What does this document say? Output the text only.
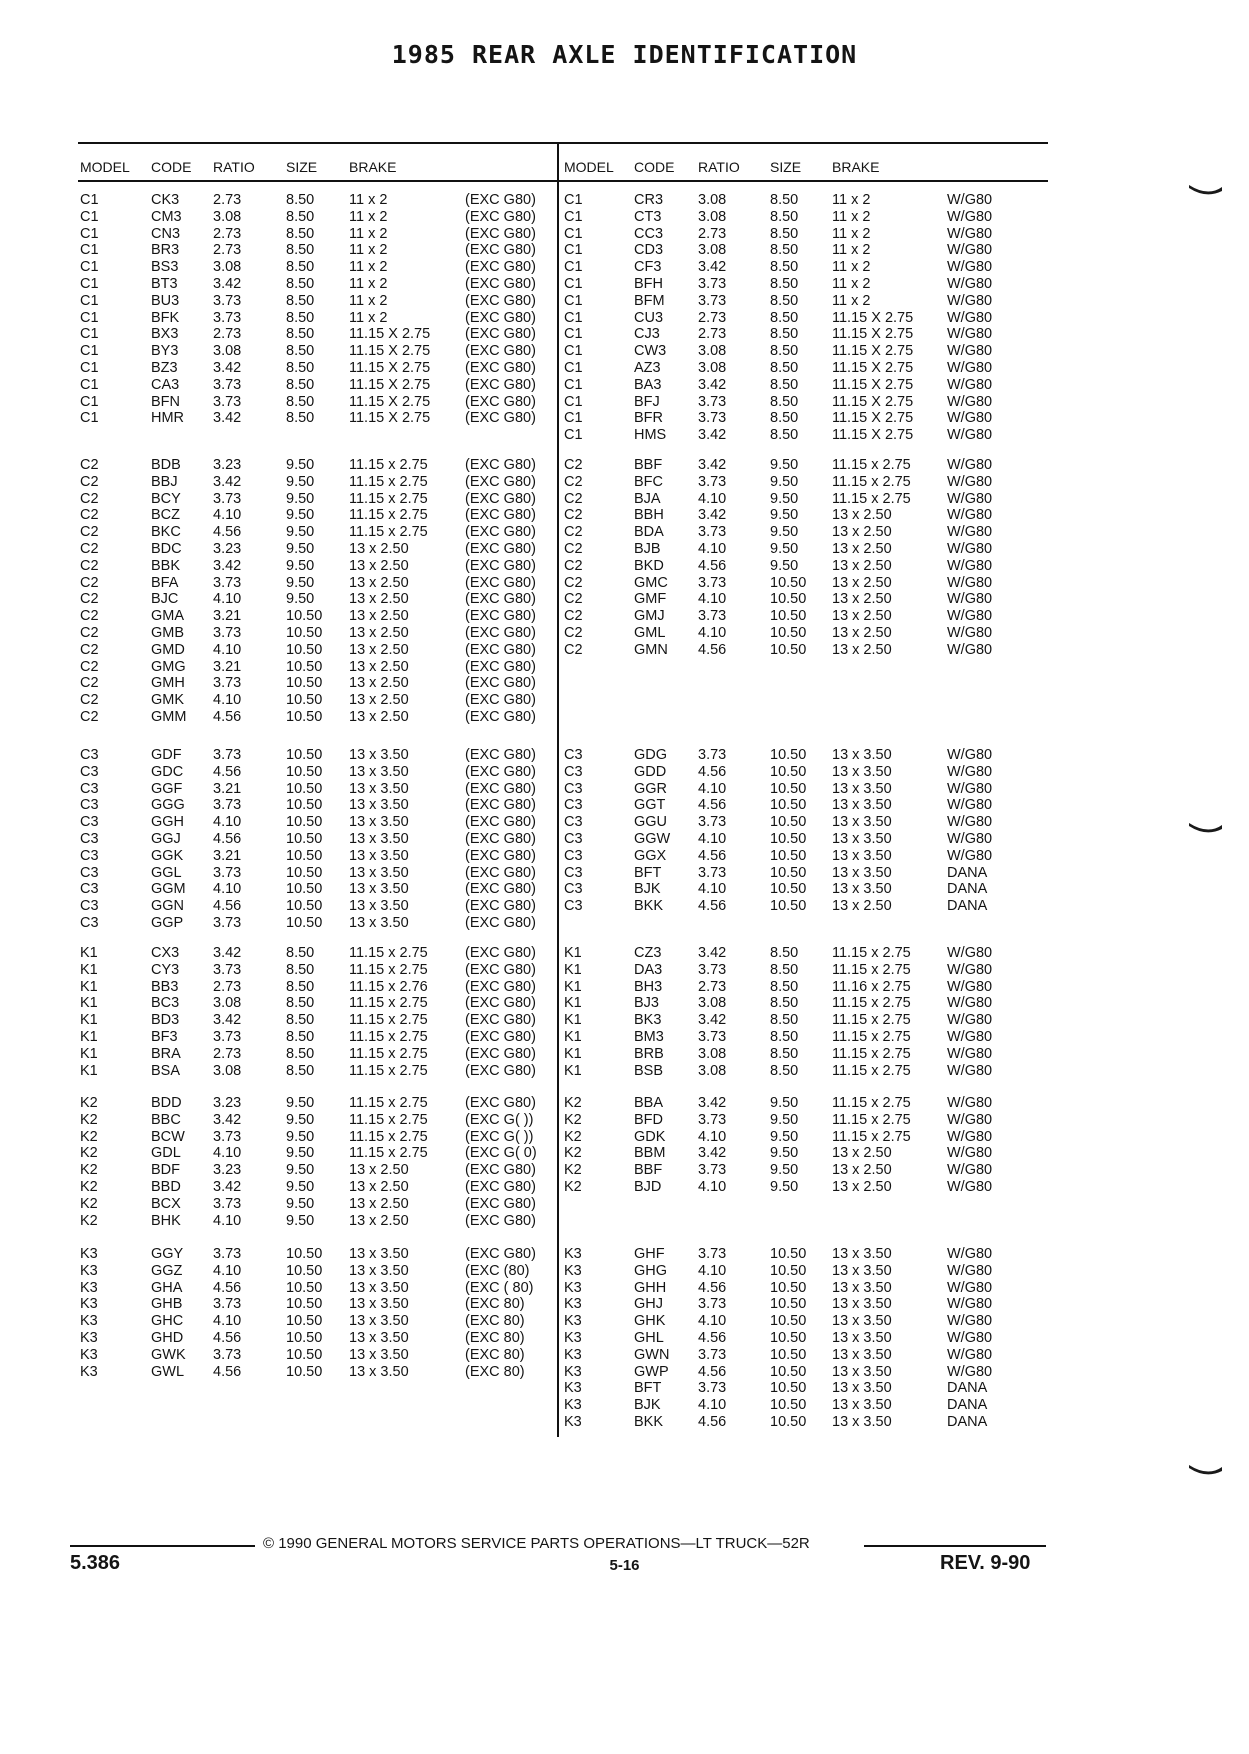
1985 REAR AXLE IDENTIFICATION
MODEL CODE RATIO SIZE BRAKE	MODEL CODE RATIO SIZE BRAKE
C1	CK3 2.73	8.50 11 x 2	(EXC G80)
C1	CM3 3.08	8.50 11 x 2	(EXC G80)
C1	CN3 2.73	8.50 11 x 2	(EXC G80)
C1	BR3 2.73	8.50 11 x 2	(EXC G80)
C1	BS3 3.08	8.50 11 x 2	(EXC G80)
C1	BT3 3.42	8.50 11 x 2	(EXC G80)
C1	BU3 3.73	8.50 11 x 2	(EXC G80)
C1	BFK 3.73	8.50 11 x 2	(EXC G80)
C1	BX3 2.73	8.50 11.15 X 2.75 (EXC G80)
C1	BY3 3.08	8.50 11.15 X 2.75 (EXC G80)
C1	BZ3 3.42	8.50 11.15 X 2.75 (EXC G80)
C1	CA3 3.73	8.50 11.15 X 2.75 (EXC G80)
C1	BFN 3.73	8.50 11.15 X 2.75 (EXC G80)
C1	HMR 3.42	8.50 11.15 X 2.75 (EXC G80)
C2	BDB 3.23	9.50 11.15 x 2.75	(EXC G80)
C2	BBJ 3.42	9.50 11.15 x 2.75	(EXC G80)
C2	BCY 3.73	9.50 11.15 x 2.75	(EXC G80)
C2	BCZ 4.10	9.50 11.15 x 2.75	(EXC G80)
C2	BKC 4.56	9.50 11.15 x 2.75	(EXC G80)
C2	BDC 3.23	9.50 13 x 2.50	(EXC G80)
C2	BBK 3.42	9.50 13 x 2.50	(EXC G80)
C2	BFA 3.73	9.50 13 x 2.50	(EXC G80)
C2	BJC 4.10	9.50 13 x 2.50	(EXC G80)
C2	GMA 3.21	10.50 13 x 2.50	(EXC G80)
C2	GMB 3.73	10.50 13 x 2.50	(EXC G80)
C2	GMD 4.10	10.50 13 x 2.50	(EXC G80)
C2	GMG 3.21	10.50 13 x 2.50	(EXC G80)
C2	GMH 3.73	10.50 13 x 2.50	(EXC G80)
C2	GMK 4.10	10.50 13 x 2.50	(EXC G80)
C2	GMM 4.56	10.50 13 x 2.50	(EXC G80)
C3	GDF 3.73	10.50 13 x 3.50	(EXC G80)
C3	GDC 4.56	10.50 13 x 3.50	(EXC G80)
C3	GGF 3.21	10.50 13 x 3.50	(EXC G80)
C3	GGG 3.73	10.50 13 x 3.50	(EXC G80)
C3	GGH 4.10	10.50 13 x 3.50	(EXC G80)
C3	GGJ 4.56	10.50 13 x 3.50	(EXC G80)
C3	GGK 3.21	10.50 13 x 3.50	(EXC G80)
C3	GGL 3.73	10.50 13 x 3.50	(EXC G80)
C3	GGM 4.10	10.50 13 x 3.50	(EXC G80)
C3	GGN 4.56	10.50 13 x 3.50	(EXC G80)
C3	GGP 3.73	10.50 13 x 3.50	(EXC G80)
K1	CX3 3.42	8.50 11.15 x 2.75	(EXC G80)
K1	CY3 3.73	8.50 11.15 x 2.75	(EXC G80)
K1	BB3 2.73	8.50 11.15 x 2.76	(EXC G80)
K1	BC3 3.08	8.50 11.15 x 2.75	(EXC G80)
K1	BD3 3.42	8.50 11.15 x 2.75	(EXC G80)
K1	BF3 3.73	8.50 11.15 x 2.75	(EXC G80)
K1	BRA 2.73	8.50 11.15 x 2.75	(EXC G80)
K1	BSA 3.08	8.50 11.15 x 2.75	(EXC G80)
K2	BDD 3.23	9.50 11.15 x 2.75	(EXC G80)
K2	BBC 3.42	9.50 11.15 x 2.75	(EXC G( ))
K2	BCW 3.73	9.50 11.15 x 2.75	(EXC G( ))
K2	GDL 4.10	9.50 11.15 x 2.75	(EXC G( 0)
K2	BDF 3.23	9.50 13 x 2.50	(EXC G80)
K2	BBD 3.42	9.50 13 x 2.50	(EXC G80)
K2	BCX 3.73	9.50 13 x 2.50	(EXC G80)
K2	BHK 4.10	9.50 13 x 2.50	(EXC G80)
K3	GGY 3.73	10.50 13 x 3.50	(EXC G80)
K3	GGZ 4.10	10.50 13 x 3.50	(EXC (80)
K3	GHA 4.56	10.50 13 x 3.50	(EXC ( 80)
K3	GHB 3.73	10.50 13 x 3.50	(EXC 80)
K3	GHC 4.10	10.50 13 x 3.50	(EXC 80)
K3	GHD 4.56	10.50 13 x 3.50	(EXC 80)
K3	GWK 3.73	10.50 13 x 3.50	(EXC 80)
K3	GWL 4.56	10.50 13 x 3.50	(EXC 80)
C1	CR3 3.08	8.50 11 x 2	W/G80
C1	CT3	3.08	8.50 11 x 2	W/G80
C1	CC3 2.73	8.50 11 x 2	W/G80
C1	CD3 3.08	8.50 11 x 2	W/G80
C1	CF3	3.42	8.50 11 x 2	W/G80
C1	BFH 3.73	8.50 11 x 2	W/G80
C1	BFM 3.73	8.50 11 x 2	W/G80
C1	CU3 2.73	8.50 11.15 X 2.75 W/G80
C1	CJ3	2.73	8.50 11.15 X 2.75 W/G80
C1	CW3 3.08	8.50 11.15 X 2.75 W/G80
C1	AZ3	3.08	8.50 11.15 X 2.75 W/G80
C1	BA3	3.42	8.50 11.15 X 2.75 W/G80
C1	BFJ	3.73	8.50 11.15 X 2.75 W/G80
C1	BFR 3.73	8.50 11.15 X 2.75 W/G80
C1	HMS 3.42	8.50 11.15 X 2.75 W/G80
C2	BBF 3.42	9.50 11.15 x 2.75	W/G80
C2	BFC 3.73	9.50 11.15 x 2.75	W/G80
C2	BJA	4.10	9.50 11.15 x 2.75	W/G80
C2	BBH 3.42	9.50 13 x 2.50	W/G80
C2	BDA 3.73	9.50 13 x 2.50	W/G80
C2	BJB	4.10	9.50 13 x 2.50	W/G80
C2	BKD 4.56	9.50 13 x 2.50	W/G80
C2	GMC 3.73	10.50 13 x 2.50	W/G80
C2	GMF 4.10	10.50 13 x 2.50	W/G80
C2	GMJ 3.73	10.50 13 x 2.50	W/G80
C2	GML 4.10	10.50 13 x 2.50	W/G80
C2	GMN 4.56	10.50 13 x 2.50	W/G80
C3	GDG 3.73	10.50 13 x 3.50	W/G80
C3	GDD 4.56	10.50 13 x 3.50	W/G80
C3	GGR 4.10	10.50 13 x 3.50	W/G80
C3	GGT 4.56	10.50 13 x 3.50	W/G80
C3	GGU 3.73	10.50 13 x 3.50	W/G80
C3	GGW 4.10	10.50 13 x 3.50	W/G80
C3	GGX 4.56	10.50 13 x 3.50	W/G80
C3	BFT	3.73	10.50 13 x 3.50	DANA
C3	BJK	4.10	10.50 13 x 3.50	DANA
C3	BKK 4.56	10.50 13 x 2.50	DANA
K1	CZ3	3.42	8.50 11.15 x 2.75	W/G80
K1	DA3 3.73	8.50 11.15 x 2.75	W/G80
K1	BH3 2.73	8.50 11.16 x 2.75	W/G80
K1	BJ3	3.08	8.50 11.15 x 2.75	W/G80
K1	BK3	3.42	8.50 11.15 x 2.75	W/G80
K1	BM3 3.73	8.50 11.15 x 2.75	W/G80
K1	BRB 3.08	8.50 11.15 x 2.75	W/G80
K1	BSB 3.08	8.50 11.15 x 2.75	W/G80
K2	BBA 3.42	9.50 11.15 x 2.75	W/G80
K2	BFD 3.73	9.50 11.15 x 2.75	W/G80
K2	GDK 4.10	9.50 11.15 x 2.75	W/G80
K2	BBM 3.42	9.50 13 x 2.50	W/G80
K2	BBF 3.73	9.50 13 x 2.50	W/G80
K2	BJD	4.10	9.50 13 x 2.50	W/G80
K3	GHF 3.73	10.50 13 x 3.50	W/G80
K3	GHG 4.10	10.50 13 x 3.50	W/G80
K3	GHH 4.56	10.50 13 x 3.50	W/G80
K3	GHJ 3.73	10.50 13 x 3.50	W/G80
K3	GHK 4.10	10.50 13 x 3.50	W/G80
K3	GHL 4.56	10.50 13 x 3.50	W/G80
K3	GWN 3.73	10.50 13 x 3.50	W/G80
K3	GWP 4.56	10.50 13 x 3.50	W/G80
K3	BFT	3.73	10.50 13 x 3.50	DANA
K3	BJK	4.10	10.50 13 x 3.50	DANA
K3	BKK 4.56	10.50 13 x 3.50	DANA
© 1990 GENERAL MOTORS SERVICE PARTS OPERATIONS—LT TRUCK—52R
5.386	5-16	REV. 9-90
